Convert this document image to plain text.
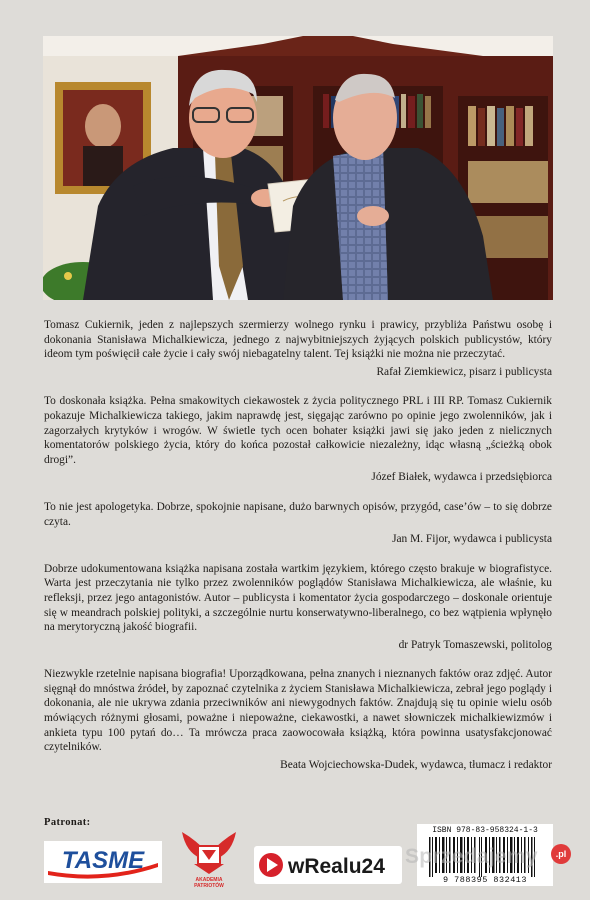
Tomasz Cukiernik, jeden z najlepszych szermierzy wolnego rynku i prawicy, przybliża Państwu osobę i dokonania Stanisława Michalkiewicza, jednego z najwybitniejszych żyjących polskich publicystów, który ideom tym poświęcił całe życie i cały swój niebagatelny talent. Tej książki nie można nie przeczytać.

Rafał Ziemkiewicz, pisarz i publicysta

To doskonała książka. Pełna smakowitych ciekawostek z życia politycznego PRL i III RP. Tomasz Cukiernik pokazuje Michalkiewicza takiego, jakim naprawdę jest, sięgając zarówno po opinie jego zwolenników, jak i zagorzałych krytyków i wrogów. W świetle tych ocen bohater książki jawi się jako jeden z nielicznych komentatorów polskiego życia, który do końca pozostał całkowicie niezależny, idąc własną „ścieżką obok drogi”.

Józef Białek, wydawca i przedsiębiorca

To nie jest apologetyka. Dobrze, spokojnie napisane, dużo barwnych opisów, przygód, case’ów – to się dobrze czyta.

Jan M. Fijor, wydawca i publicysta

Dobrze udokumentowana książka napisana została wartkim językiem, którego często brakuje w biografistyce. Warta jest przeczytania nie tylko przez zwolenników poglądów Stanisława Michalkiewicza, ale właśnie, ku refleksji, przez jego antagonistów. Autor – publicysta i komentator życia gospodarczego – doskonale orientuje się w meandrach polskiej polityki, a szczególnie nurtu konserwatywno-liberalnego, co bez wątpienia wpłynęło na merytoryczną jakość biografii.

dr Patryk Tomaszewski, politolog

Niezwykle rzetelnie napisana biografia! Uporządkowana, pełna znanych i nieznanych faktów oraz zdjęć. Autor sięgnął do mnóstwa źródeł, by zapoznać czytelnika z życiem Stanisława Michalkiewicza, zebrał jego poglądy i dokonania, ale nie ukrywa zdania przeciwników ani niewygodnych faktów. Znajdują się tu opinie wielu osób mówiących różnymi głosami, poważne i niepoważne, ciekawostki, a nawet słowniczek michalkiewizmów i ankieta typu 100 pytań do… Ta mrówcza praca zaowocowała książką, która powinna usatysfakcjonować czytelników.

Beata Wojciechowska-Dudek, wydawca, tłumacz i redaktor

Patronat:
TASME
AKADEMIA
PATRIOTÓW
wRealu24
ISBN 978-83-958324-1-3
9 788395 832413
Sprzedajemy	.pl
